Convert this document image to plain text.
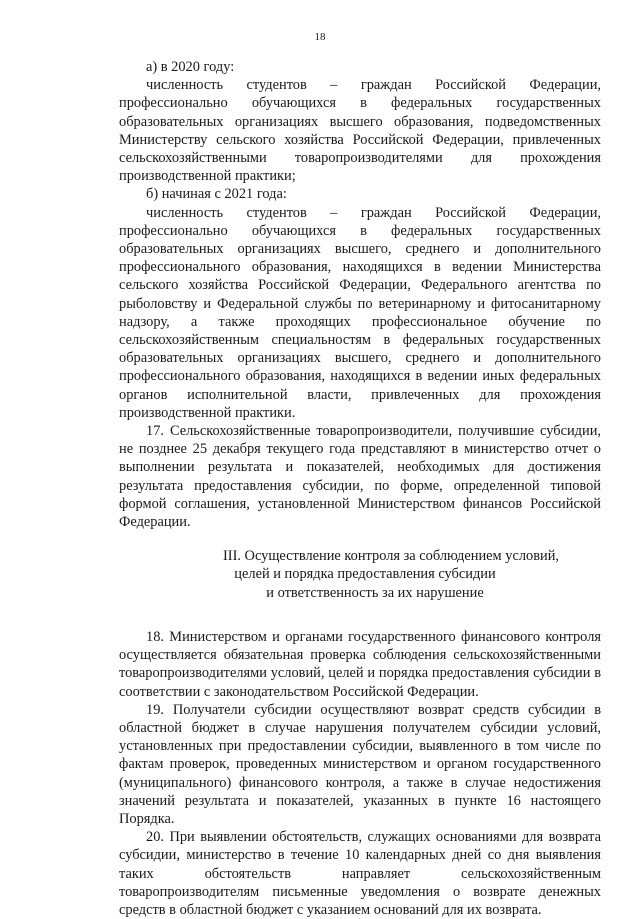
18

а) в 2020 году:

численность студентов – граждан Российской Федерации, профессионально обучающихся в федеральных государственных образовательных организациях высшего образования, подведомственных Министерству сельского хозяйства Российской Федерации, привлеченных сельскохозяйственными товаропроизводителями для прохождения производственной практики;

б) начиная с 2021 года:

численность студентов – граждан Российской Федерации, профессионально обучающихся в федеральных государственных образовательных организациях высшего, среднего и дополнительного профессионального образования, находящихся в ведении Министерства сельского хозяйства Российской Федерации, Федерального агентства по рыболовству и Федеральной службы по ветеринарному и фитосанитарному надзору, а также проходящих профессиональное обучение по сельскохозяйственным специальностям в федеральных государственных образовательных организациях высшего, среднего и дополнительного профессионального образования, находящихся в ведении иных федеральных органов исполнительной власти, привлеченных для прохождения производственной практики.

17. Сельскохозяйственные товаропроизводители, получившие субсидии, не позднее 25 декабря текущего года представляют в министерство отчет о выполнении результата и показателей, необходимых для достижения результата предоставления субсидии, по форме, определенной типовой формой соглашения, установленной Министерством финансов Российской Федерации.

III. Осуществление контроля за соблюдением условий,
целей и порядка предоставления субсидии
и ответственность за их нарушение

18. Министерством и органами государственного финансового контроля осуществляется обязательная проверка соблюдения сельскохозяйственными товаропроизводителями условий, целей и порядка предоставления субсидии в соответствии с законодательством Российской Федерации.

19. Получатели субсидии осуществляют возврат средств субсидии в областной бюджет в случае нарушения получателем субсидии условий, установленных при предоставлении субсидии, выявленного в том числе по фактам проверок, проведенных министерством и органом государственного (муниципального) финансового контроля, а также в случае недостижения значений результата и показателей, указанных в пункте 16 настоящего Порядка.

20. При выявлении обстоятельств, служащих основаниями для возврата субсидии, министерство в течение 10 календарных дней со дня выявления таких обстоятельств направляет сельскохозяйственным товаропроизводителям письменные уведомления о возврате денежных средств в областной бюджет с указанием оснований для их возврата.
